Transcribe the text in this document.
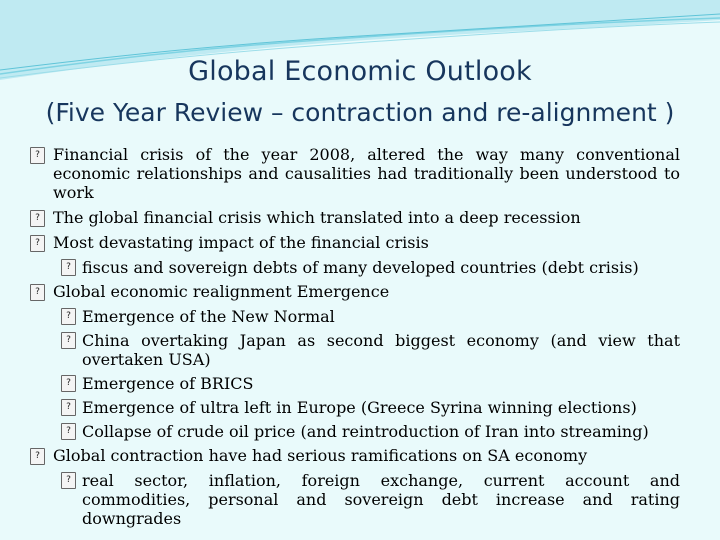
Global Economic Outlook
(Five Year Review – contraction and re-alignment )
? Financial crisis of the year 2008, altered the way many conventional economic relationships and causalities had traditionally been understood to work
? The global financial crisis which translated into a deep recession
? Most devastating impact of the financial crisis
? fiscus and sovereign debts of many developed countries (debt crisis)
? Global economic realignment Emergence
? Emergence of the New Normal
? China overtaking Japan as second biggest economy (and view that overtaken USA)
? Emergence of BRICS
? Emergence of ultra left in Europe (Greece Syrina winning elections)
? Collapse of crude oil price (and reintroduction of Iran into streaming)
? Global contraction have had serious ramifications on SA economy
? real sector, inflation, foreign exchange, current account and commodities, personal and sovereign debt increase and rating downgrades
